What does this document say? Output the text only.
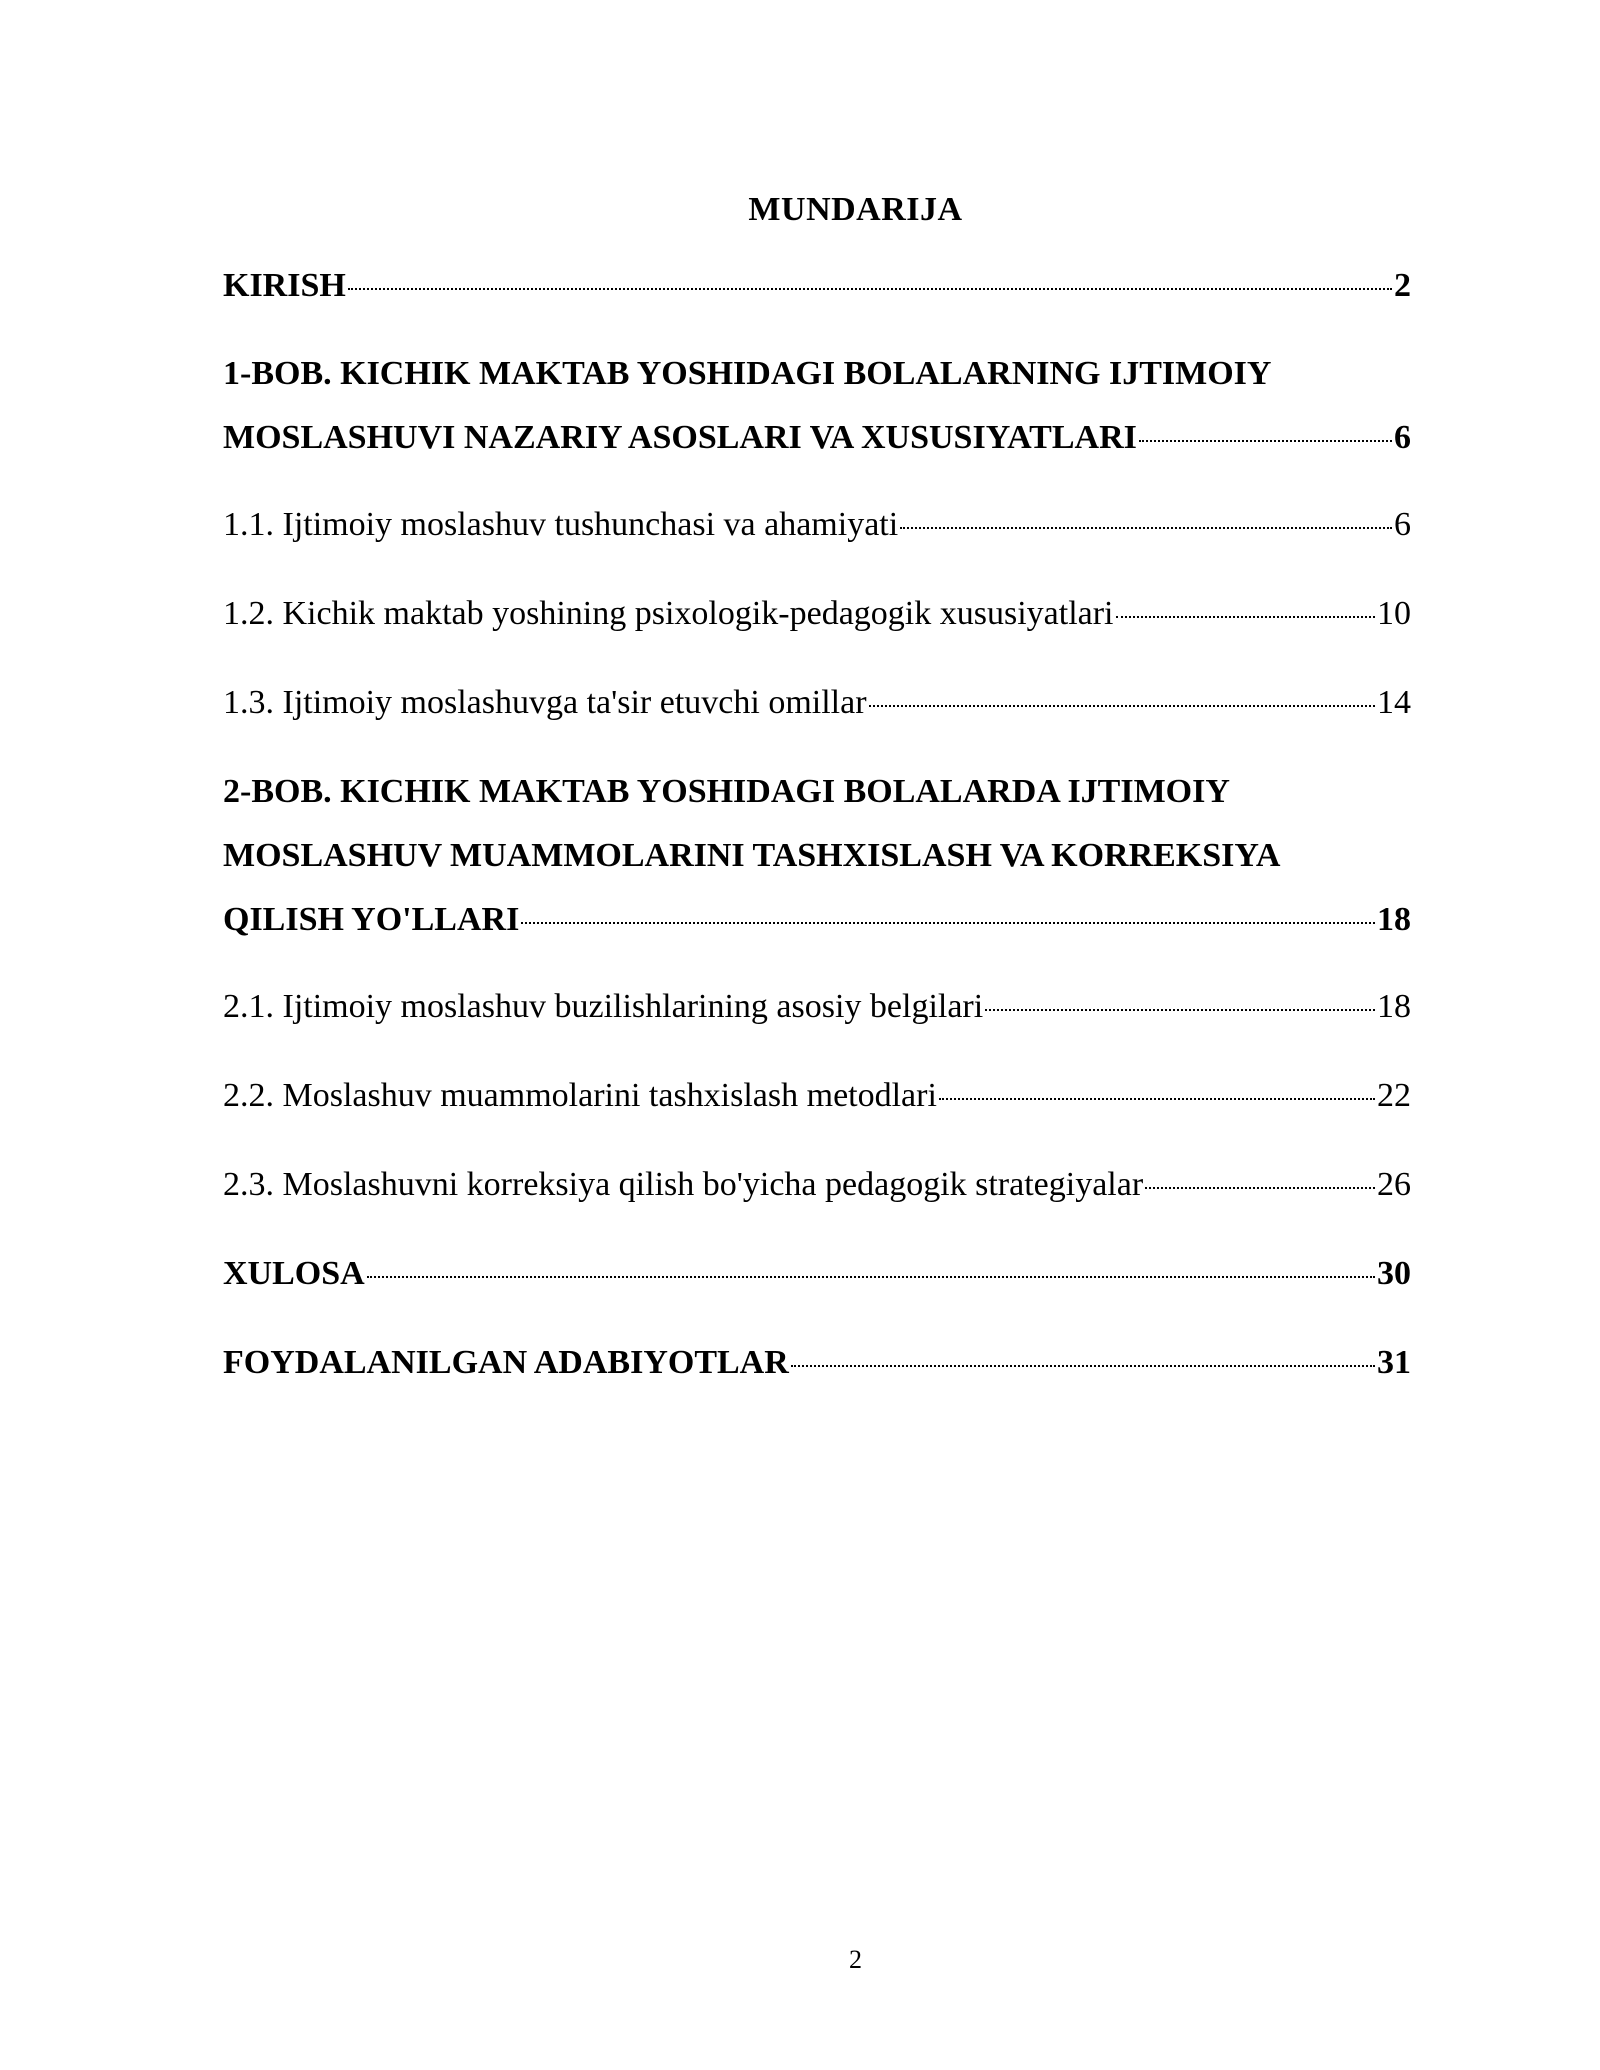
MUNDARIJA
KIRISH	2
1-BOB. KICHIK MAKTAB YOSHIDAGI BOLALARNING IJTIMOIY
MOSLASHUVI NAZARIY ASOSLARI VA XUSUSIYATLARI	6
1.1. Ijtimoiy moslashuv tushunchasi va ahamiyati	6
1.2. Kichik maktab yoshining psixologik-pedagogik xususiyatlari	10
1.3. Ijtimoiy moslashuvga ta'sir etuvchi omillar	14
2-BOB. KICHIK MAKTAB YOSHIDAGI BOLALARDA IJTIMOIY
MOSLASHUV MUAMMOLARINI TASHXISLASH VA KORREKSIYA
QILISH YO'LLARI	18
2.1. Ijtimoiy moslashuv buzilishlarining asosiy belgilari	18
2.2. Moslashuv muammolarini tashxislash metodlari	22
2.3. Moslashuvni korreksiya qilish bo'yicha pedagogik strategiyalar	26
XULOSA	30
FOYDALANILGAN ADABIYOTLAR	31
2
